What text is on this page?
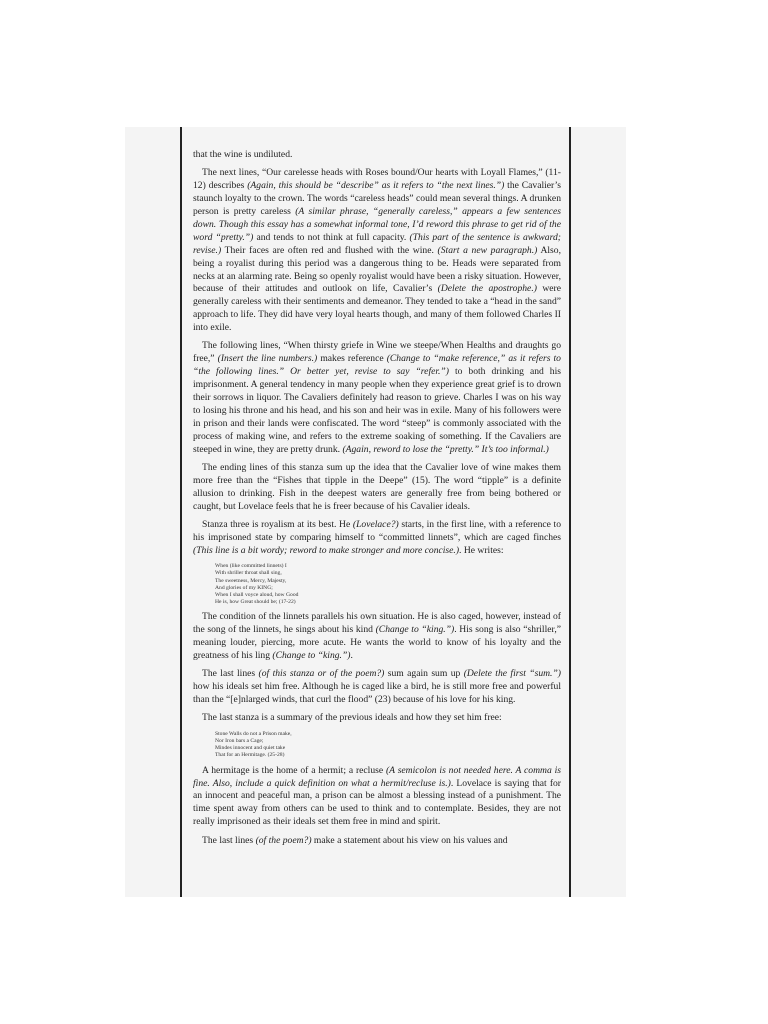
that the wine is undiluted.

The next lines, “Our carelesse heads with Roses bound/Our hearts with Loyall Flames,” (11-12) describes (Again, this should be “describe” as it refers to “the next lines.”) the Cavalier’s staunch loyalty to the crown. The words “careless heads” could mean several things. A drunken person is pretty careless (A similar phrase, “generally careless,” appears a few sentences down. Though this essay has a somewhat informal tone, I’d reword this phrase to get rid of the word “pretty.”) and tends to not think at full capacity. (This part of the sentence is awkward; revise.) Their faces are often red and flushed with the wine. (Start a new paragraph.) Also, being a royalist during this period was a dangerous thing to be. Heads were separated from necks at an alarming rate. Being so openly royalist would have been a risky situation. However, because of their attitudes and outlook on life, Cavalier’s (Delete the apostrophe.) were generally careless with their sentiments and demeanor. They tended to take a “head in the sand” approach to life. They did have very loyal hearts though, and many of them followed Charles II into exile.

The following lines, “When thirsty griefe in Wine we steepe/When Healths and draughts go free,” (Insert the line numbers.) makes reference (Change to “make reference,” as it refers to “the following lines.” Or better yet, revise to say “refer.”) to both drinking and his imprisonment. A general tendency in many people when they experience great grief is to drown their sorrows in liquor. The Cavaliers definitely had reason to grieve. Charles I was on his way to losing his throne and his head, and his son and heir was in exile. Many of his followers were in prison and their lands were confiscated. The word “steep” is commonly associated with the process of making wine, and refers to the extreme soaking of something. If the Cavaliers are steeped in wine, they are pretty drunk. (Again, reword to lose the “pretty.” It’s too informal.)

The ending lines of this stanza sum up the idea that the Cavalier love of wine makes them more free than the “Fishes that tipple in the Deepe” (15). The word “tipple” is a definite allusion to drinking. Fish in the deepest waters are generally free from being bothered or caught, but Lovelace feels that he is freer because of his Cavalier ideals.

Stanza three is royalism at its best. He (Lovelace?) starts, in the first line, with a reference to his imprisoned state by comparing himself to “committed linnets”, which are caged finches (This line is a bit wordy; reword to make stronger and more concise.). He writes:

When (like committed linnets) I
With shriller throat shall sing,
The sweetness, Mercy, Majesty,
And glories of my KING;
When I shall voyce aloud, how Good
He is, how Great should be; (17-22)

The condition of the linnets parallels his own situation. He is also caged, however, instead of the song of the linnets, he sings about his kind (Change to “king.”). His song is also “shriller,” meaning louder, piercing, more acute. He wants the world to know of his loyalty and the greatness of his ling (Change to “king.”).

The last lines (of this stanza or of the poem?) sum again sum up (Delete the first “sum.”) how his ideals set him free. Although he is caged like a bird, he is still more free and powerful than the “[e]nlarged winds, that curl the flood” (23) because of his love for his king.

The last stanza is a summary of the previous ideals and how they set him free:

Stone Walls do not a Prison make,
Nor Iron bars a Cage;
Mindes innocent and quiet take
That for an Hermitage. (25-28)

A hermitage is the home of a hermit; a recluse (A semicolon is not needed here. A comma is fine. Also, include a quick definition on what a hermit/recluse is.). Lovelace is saying that for an innocent and peaceful man, a prison can be almost a blessing instead of a punishment. The time spent away from others can be used to think and to contemplate. Besides, they are not really imprisoned as their ideals set them free in mind and spirit.

The last lines (of the poem?) make a statement about his view on his values and
